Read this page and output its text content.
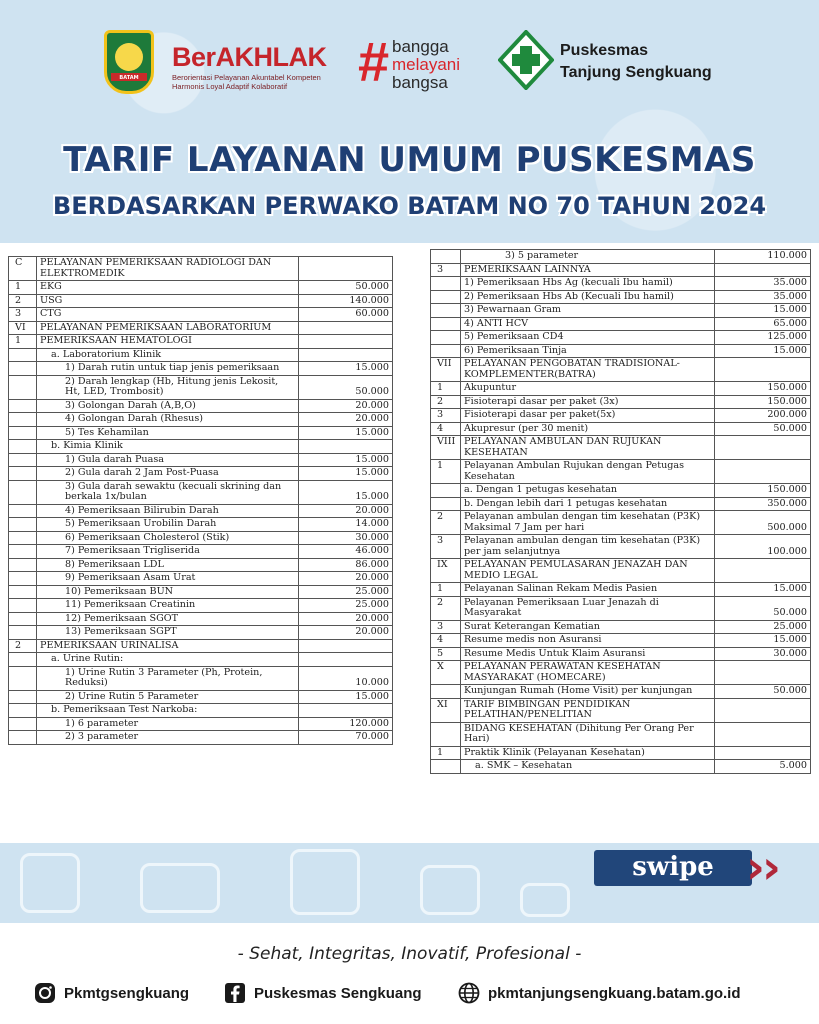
BATAM
BerAKHLAK
Berorientasi Pelayanan Akuntabel Kompeten
Harmonis Loyal Adaptif Kolaboratif	# bangga
melayani
bangsa
Puskesmas
Tanjung Sengkuang
TARIF LAYANAN UMUM PUSKESMAS
BERDASARKAN PERWAKO BATAM NO 70 TAHUN 2024
C	PELAYANAN PEMERIKSAAN RADIOLOGI DAN ELEKTROMEDIK	
1	EKG	50.000
2	USG	140.000
3	CTG	60.000
VI	PELAYANAN PEMERIKSAAN LABORATORIUM	
1	PEMERIKSAAN HEMATOLOGI	
	a. Laboratorium Klinik	
	1) Darah rutin untuk tiap jenis pemeriksaan	15.000
	2) Darah lengkap (Hb, Hitung jenis Lekosit, Ht, LED, Trombosit)	50.000
	3) Golongan Darah (A,B,O)	20.000
	4) Golongan Darah (Rhesus)	20.000
	5) Tes Kehamilan	15.000
	b. Kimia Klinik	
	1) Gula darah Puasa	15.000
	2) Gula darah 2 Jam Post-Puasa	15.000
	3) Gula darah sewaktu (kecuali skrining dan berkala 1x/bulan	15.000
	4) Pemeriksaan Bilirubin Darah	20.000
	5) Pemeriksaan Urobilin Darah	14.000
	6) Pemeriksaan Cholesterol (Stik)	30.000
	7) Pemeriksaan Trigliserida	46.000
	8) Pemeriksaan LDL	86.000
	9) Pemeriksaan Asam Urat	20.000
	10) Pemeriksaan BUN	25.000
	11) Pemeriksaan Creatinin	25.000
	12) Pemeriksaan SGOT	20.000
	13) Pemeriksaan SGPT	20.000
2	PEMERIKSAAN URINALISA	
	a. Urine Rutin:	
	1) Urine Rutin 3 Parameter (Ph, Protein, Reduksi)	10.000
	2) Urine Rutin 5 Parameter	15.000
	b. Pemeriksaan Test Narkoba:	
	1) 6 parameter	120.000
	2) 3 parameter	70.000
	3) 5 parameter	110.000
3	PEMERIKSAAN LAINNYA	
	1) Pemeriksaan Hbs Ag (kecuali Ibu hamil)	35.000
	2) Pemeriksaan Hbs Ab (Kecuali Ibu hamil)	35.000
	3) Pewarnaan Gram	15.000
	4) ANTI HCV	65.000
	5) Pemeriksaan CD4	125.000
	6) Pemeriksaan Tinja	15.000
VII	PELAYANAN PENGOBATAN TRADISIONAL-KOMPLEMENTER(BATRA)	
1	Akupuntur	150.000
2	Fisioterapi dasar per paket (3x)	150.000
3	Fisioterapi dasar per paket(5x)	200.000
4	Akupresur (per 30 menit)	50.000
VIII	PELAYANAN AMBULAN DAN RUJUKAN KESEHATAN	
1	Pelayanan Ambulan Rujukan dengan Petugas Kesehatan	
	a. Dengan 1 petugas kesehatan	150.000
	b. Dengan lebih dari 1 petugas kesehatan	350.000
2	Pelayanan ambulan dengan tim kesehatan (P3K) Maksimal 7 Jam per hari	500.000
3	Pelayanan ambulan dengan tim kesehatan (P3K) per jam selanjutnya	100.000
IX	PELAYANAN PEMULASARAN JENAZAH DAN MEDIO LEGAL	
1	Pelayanan Salinan Rekam Medis Pasien	15.000
2	Pelayanan Pemeriksaan Luar Jenazah di Masyarakat	50.000
3	Surat Keterangan Kematian	25.000
4	Resume medis non Asuransi	15.000
5	Resume Medis Untuk Klaim Asuransi	30.000
X	PELAYANAN PERAWATAN KESEHATAN MASYARAKAT (HOMECARE)	
	Kunjungan Rumah (Home Visit) per kunjungan	50.000
XI	TARIF BIMBINGAN PENDIDIKAN PELATIHAN/PENELITIAN	
	BIDANG KESEHATAN (Dihitung Per Orang Per Hari)	
1	Praktik Klinik (Pelayanan Kesehatan)	
	a. SMK – Kesehatan	5.000
swipe ›
›
- Sehat, Integritas, Inovatif, Profesional -
Pkmtgsengkuang	Puskesmas Sengkuang	pkmtanjungsengkuang.batam.go.id
